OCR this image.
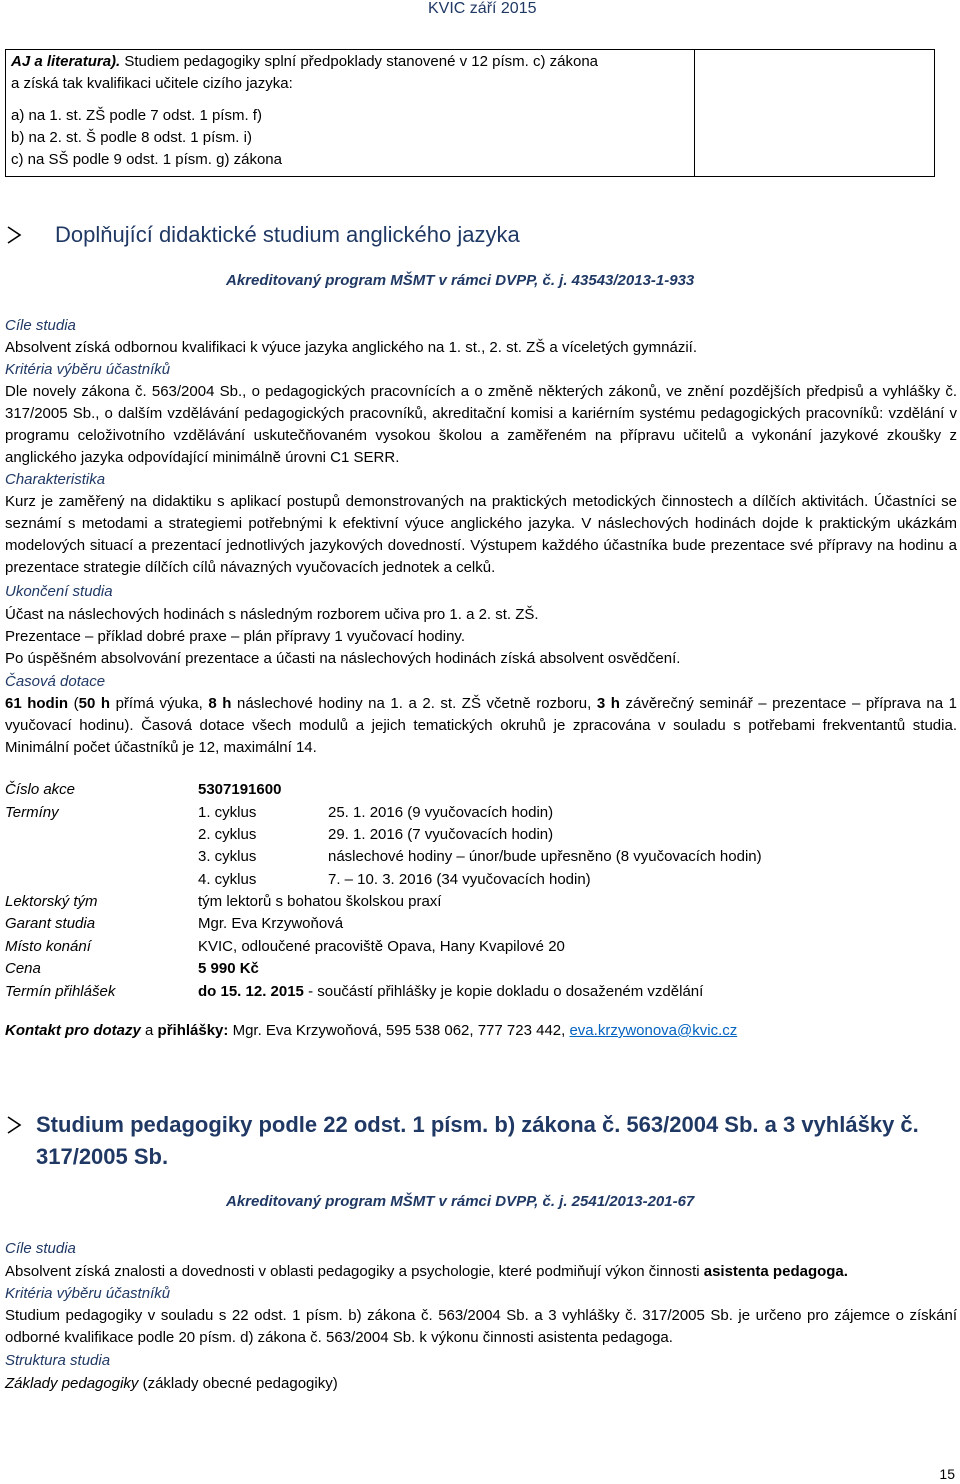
KVIC září 2015
AJ a literatura). Studiem pedagogiky splní předpoklady stanovené v 12 písm. c) zákona
a získá tak kvalifikaci učitele cizího jazyka:
a) na 1. st. ZŠ podle 7 odst. 1 písm. f)
b) na 2. st. Š podle 8 odst. 1 písm. i)
c) na SŠ podle 9 odst. 1 písm. g) zákona
Doplňující didaktické studium anglického jazyka
Akreditovaný program MŠMT v rámci DVPP, č. j. 43543/2013-1-933
Cíle studia
Absolvent získá odbornou kvalifikaci k výuce jazyka anglického na 1. st., 2. st. ZŠ a víceletých gymnázií.
Kritéria výběru účastníků
Dle novely zákona č. 563/2004 Sb., o pedagogických pracovnících a o změně některých zákonů, ve znění pozdějších předpisů a vyhlášky č. 317/2005 Sb., o dalším vzdělávání pedagogických pracovníků, akreditační komisi a kariérním systému pedagogických pracovníků: vzdělání v programu celoživotního vzdělávání uskutečňovaném vysokou školou a zaměřeném na přípravu učitelů a vykonání jazykové zkoušky z anglického jazyka odpovídající minimálně úrovni C1 SERR.
Charakteristika
Kurz je zaměřený na didaktiku s aplikací postupů demonstrovaných na praktických metodických činnostech a dílčích aktivitách. Účastníci se seznámí s metodami a strategiemi potřebnými k efektivní výuce anglického jazyka. V náslechových hodinách dojde k praktickým ukázkám modelových situací a prezentací jednotlivých jazykových dovedností. Výstupem každého účastníka bude prezentace své přípravy na hodinu a prezentace strategie dílčích cílů návazných vyučovacích jednotek a celků.
Ukončení studia
Účast na náslechových hodinách s následným rozborem učiva pro 1. a 2. st. ZŠ.
Prezentace – příklad dobré praxe – plán přípravy 1 vyučovací hodiny.
Po úspěšném absolvování prezentace a účasti na náslechových hodinách získá absolvent osvědčení.
Časová dotace
61 hodin (50 h přímá výuka, 8 h náslechové hodiny na 1. a 2. st. ZŠ včetně rozboru, 3 h závěrečný seminář – prezentace – příprava na 1 vyučovací hodinu). Časová dotace všech modulů a jejich tematických okruhů je zpracována v souladu s potřebami frekventantů studia. Minimální počet účastníků je 12, maximální 14.
Číslo akce	5307191600
Termíny	1. cyklus	25. 1. 2016 (9 vyučovacích hodin)
2. cyklus	29. 1. 2016 (7 vyučovacích hodin)
3. cyklus	náslechové hodiny – únor/bude upřesněno (8 vyučovacích hodin)
4. cyklus	7. – 10. 3. 2016 (34 vyučovacích hodin)
Lektorský tým	tým lektorů s bohatou školskou praxí
Garant studia	Mgr. Eva Krzywoňová
Místo konání	KVIC, odloučené pracoviště Opava, Hany Kvapilové 20
Cena	5 990 Kč
Termín přihlášek	do 15. 12. 2015 - součástí přihlášky je kopie dokladu o dosaženém vzdělání
Kontakt pro dotazy a přihlášky: Mgr. Eva Krzywoňová, 595 538 062, 777 723 442, eva.krzywonova@kvic.cz
Studium pedagogiky podle 22 odst. 1 písm. b) zákona č. 563/2004 Sb. a 3 vyhlášky č.
317/2005 Sb.
Akreditovaný program MŠMT v rámci DVPP, č. j. 2541/2013-201-67
Cíle studia
Absolvent získá znalosti a dovednosti v oblasti pedagogiky a psychologie, které podmiňují výkon činnosti asistenta pedagoga.
Kritéria výběru účastníků
Studium pedagogiky v souladu s 22 odst. 1 písm. b) zákona č. 563/2004 Sb. a 3 vyhlášky č. 317/2005 Sb. je určeno pro zájemce o získání odborné kvalifikace podle 20 písm. d) zákona č. 563/2004 Sb. k výkonu činnosti asistenta pedagoga.
Struktura studia
Základy pedagogiky (základy obecné pedagogiky)
15
